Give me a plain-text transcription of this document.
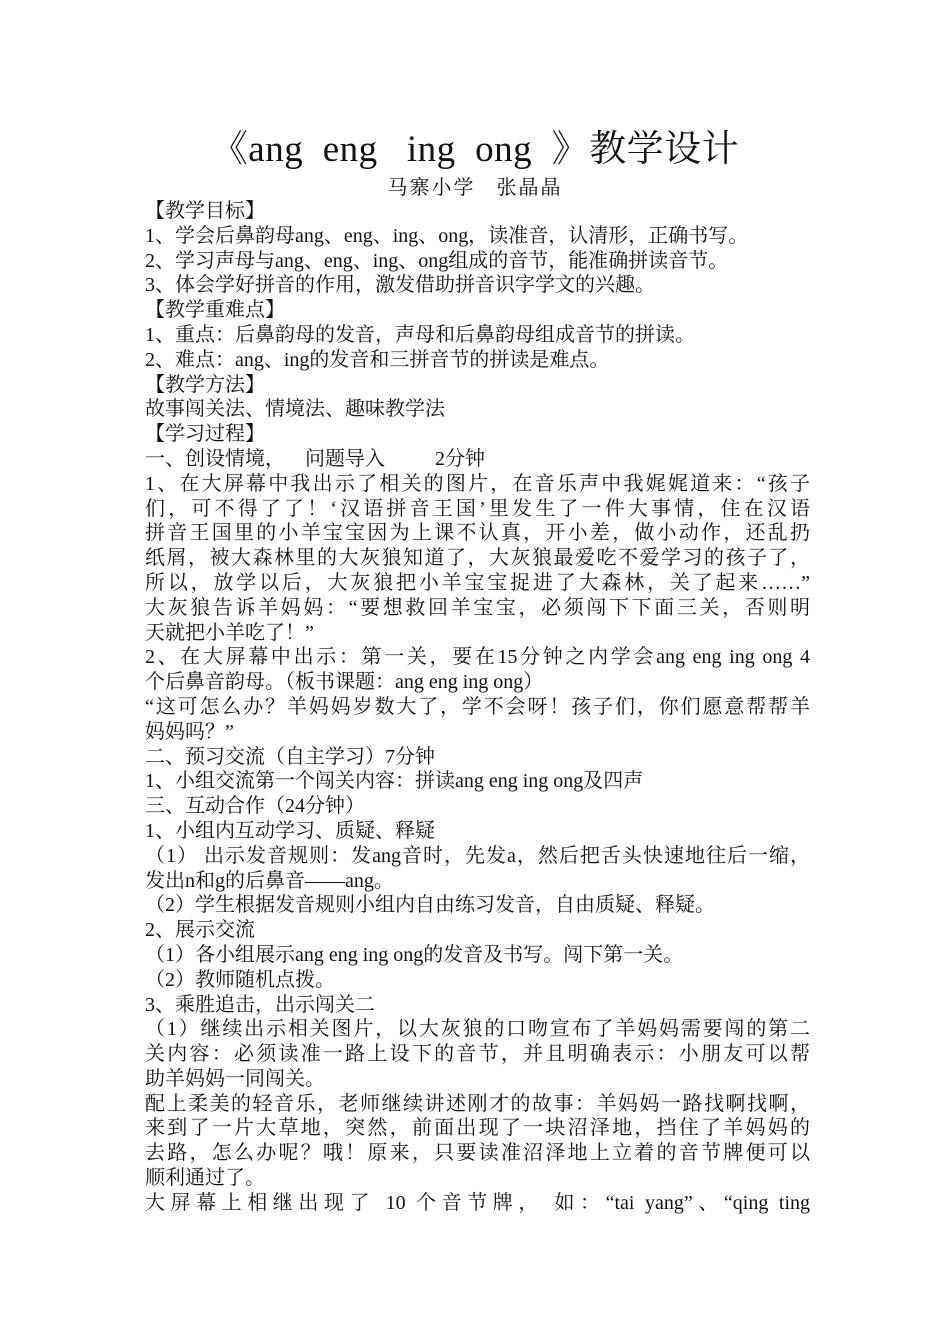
《ang  eng   ing  ong  》教学设计
马寨小学   张晶晶
【教学目标】
1、学会后鼻韵母ang、eng、ing、ong，读准音，认清形，正确书写。
2、学习声母与ang、eng、ing、ong组成的音节，能准确拼读音节。
3、体会学好拼音的作用，激发借助拼音识字学文的兴趣。
【教学重难点】
1、重点：后鼻韵母的发音，声母和后鼻韵母组成音节的拼读。
2、难点：ang、ing的发音和三拼音节的拼读是难点。
【教学方法】
故事闯关法、情境法、趣味教学法
【学习过程】
一、创设情境，    问题导入          2分钟
1、在大屏幕中我出示了相关的图片，在音乐声中我娓娓道来：“孩子
们，可不得了了！‘汉语拼音王国’里发生了一件大事情，住在汉语
拼音王国里的小羊宝宝因为上课不认真，开小差，做小动作，还乱扔
纸屑，被大森林里的大灰狼知道了，大灰狼最爱吃不爱学习的孩子了，
所以，放学以后，大灰狼把小羊宝宝捉进了大森林，关了起来……”
大灰狼告诉羊妈妈：“要想救回羊宝宝，必须闯下下面三关，否则明
天就把小羊吃了！”
2、在大屏幕中出示：第一关，要在15分钟之内学会ang eng ing ong 4
个后鼻音韵母。（板书课题：ang eng ing ong）
“这可怎么办？羊妈妈岁数大了，学不会呀！孩子们，你们愿意帮帮羊
妈妈吗？”
二、预习交流（自主学习）7分钟
1、小组交流第一个闯关内容：拼读ang eng ing ong及四声
三、互动合作（24分钟）
1、小组内互动学习、质疑、释疑
（1） 出示发音规则：发ang音时，先发a，然后把舌头快速地往后一缩，
发出n和g的后鼻音——ang。
（2）学生根据发音规则小组内自由练习发音，自由质疑、释疑。
2、展示交流
（1）各小组展示ang eng ing ong的发音及书写。闯下第一关。
（2）教师随机点拨。
3、乘胜追击，出示闯关二
（1）继续出示相关图片，以大灰狼的口吻宣布了羊妈妈需要闯的第二
关内容：必须读准一路上设下的音节，并且明确表示：小朋友可以帮
助羊妈妈一同闯关。
配上柔美的轻音乐，老师继续讲述刚才的故事：羊妈妈一路找啊找啊，
来到了一片大草地，突然，前面出现了一块沼泽地，挡住了羊妈妈的
去路，怎么办呢？哦！原来，只要读准沼泽地上立着的音节牌便可以
顺利通过了。
大屏幕上相继出现了 10 个音节牌， 如：“tai yang”、“qing ting
